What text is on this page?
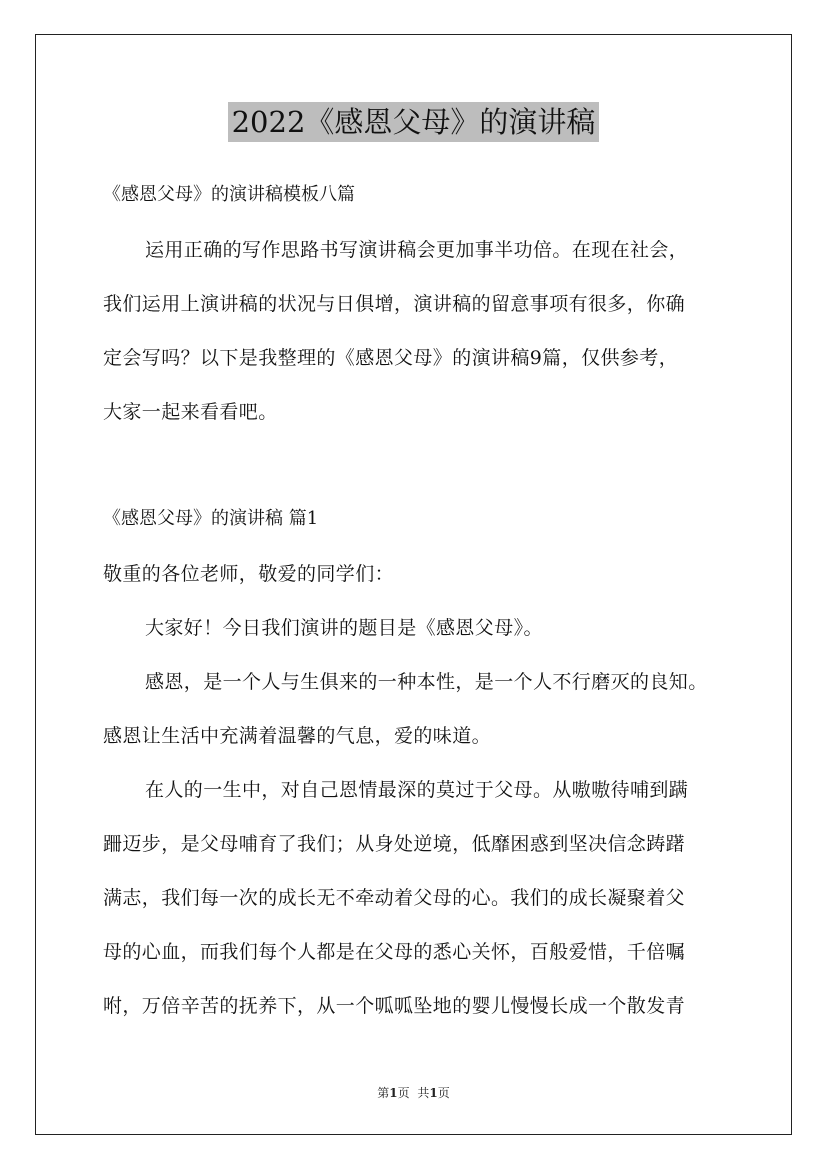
2022《感恩父母》的演讲稿
《感恩父母》的演讲稿模板八篇
运用正确的写作思路书写演讲稿会更加事半功倍。在现在社会，
我们运用上演讲稿的状况与日俱增，演讲稿的留意事项有很多，你确
定会写吗？以下是我整理的《感恩父母》的演讲稿9篇，仅供参考，
大家一起来看看吧。
《感恩父母》的演讲稿 篇1
敬重的各位老师，敬爱的同学们：
大家好！今日我们演讲的题目是《感恩父母》。
感恩，是一个人与生俱来的一种本性，是一个人不行磨灭的良知。
感恩让生活中充满着温馨的气息，爱的味道。
在人的一生中，对自己恩情最深的莫过于父母。从嗷嗷待哺到蹒
跚迈步，是父母哺育了我们；从身处逆境，低靡困惑到坚决信念踌躇
满志，我们每一次的成长无不牵动着父母的心。我们的成长凝聚着父
母的心血，而我们每个人都是在父母的悉心关怀，百般爱惜，千倍嘱
咐，万倍辛苦的抚养下，从一个呱呱坠地的婴儿慢慢长成一个散发青
第1页 共1页
